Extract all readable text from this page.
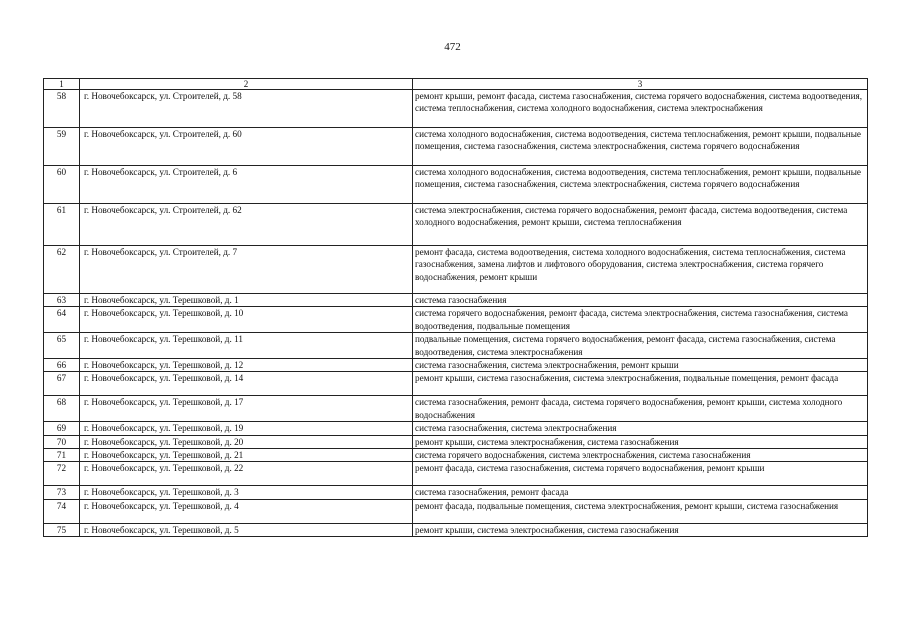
472
1	2	3
58	г. Новочебоксарск, ул. Строителей, д. 58	ремонт крыши, ремонт фасада, система газоснабжения, система горячего водоснабжения, система водоотведения, система теплоснабжения, система холодного водоснабжения, система электроснабжения
59	г. Новочебоксарск, ул. Строителей, д. 60	система холодного водоснабжения, система водоотведения, система теплоснабжения, ремонт крыши, подвальные помещения, система газоснабжения, система электроснабжения, система горячего водоснабжения
60	г. Новочебоксарск, ул. Строителей, д. 6	система холодного водоснабжения, система водоотведения, система теплоснабжения, ремонт крыши, подвальные помещения, система газоснабжения, система электроснабжения, система горячего водоснабжения
61	г. Новочебоксарск, ул. Строителей, д. 62	система электроснабжения, система горячего водоснабжения, ремонт фасада, система водоотведения, система холодного водоснабжения, ремонт крыши, система теплоснабжения
62	г. Новочебоксарск, ул. Строителей, д. 7	ремонт фасада, система водоотведения, система холодного водоснабжения, система теплоснабжения, система газоснабжения, замена лифтов и лифтового оборудования, система электроснабжения, система горячего водоснабжения, ремонт крыши
63	г. Новочебоксарск, ул. Терешковой, д. 1	система газоснабжения
64	г. Новочебоксарск, ул. Терешковой, д. 10	система горячего водоснабжения, ремонт фасада, система электроснабжения, система газоснабжения, система водоотведения, подвальные помещения
65	г. Новочебоксарск, ул. Терешковой, д. 11	подвальные помещения, система горячего водоснабжения, ремонт фасада, система газоснабжения, система водоотведения, система электроснабжения
66	г. Новочебоксарск, ул. Терешковой, д. 12	система газоснабжения, система электроснабжения, ремонт крыши
67	г. Новочебоксарск, ул. Терешковой, д. 14	ремонт крыши, система газоснабжения, система электроснабжения, подвальные помещения, ремонт фасада
68	г. Новочебоксарск, ул. Терешковой, д. 17	система газоснабжения, ремонт фасада, система горячего водоснабжения, ремонт крыши, система холодного водоснабжения
69	г. Новочебоксарск, ул. Терешковой, д. 19	система газоснабжения, система электроснабжения
70	г. Новочебоксарск, ул. Терешковой, д. 20	ремонт крыши, система электроснабжения, система газоснабжения
71	г. Новочебоксарск, ул. Терешковой, д. 21	система горячего водоснабжения, система электроснабжения, система газоснабжения
72	г. Новочебоксарск, ул. Терешковой, д. 22	ремонт фасада, система газоснабжения, система горячего водоснабжения, ремонт крыши
73	г. Новочебоксарск, ул. Терешковой, д. 3	система газоснабжения, ремонт фасада
74	г. Новочебоксарск, ул. Терешковой, д. 4	ремонт фасада, подвальные помещения, система электроснабжения, ремонт крыши, система газоснабжения
75	г. Новочебоксарск, ул. Терешковой, д. 5	ремонт крыши, система электроснабжения, система газоснабжения
